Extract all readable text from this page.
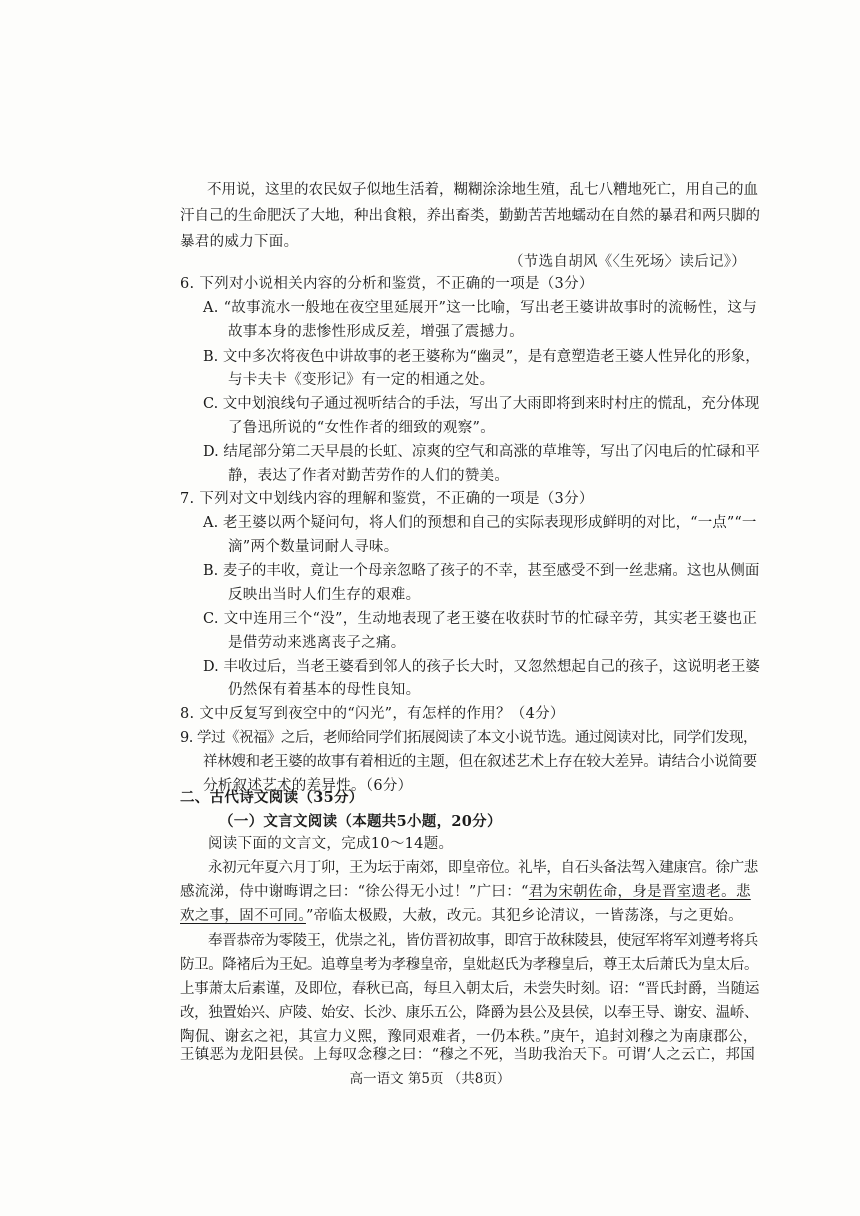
不用说，这里的农民奴子似地生活着，糊糊涂涂地生殖，乱七八糟地死亡，用自己的血
汗自己的生命肥沃了大地，种出食粮，养出畜类，勤勤苦苦地蠕动在自然的暴君和两只脚的
暴君的威力下面。
（节选自胡风《〈生死场〉读后记》）
6. 下列对小说相关内容的分析和鉴赏，不正确的一项是（3分）
A. “故事流水一般地在夜空里延展开”这一比喻，写出老王婆讲故事时的流畅性，这与
故事本身的悲惨性形成反差，增强了震撼力。
B. 文中多次将夜色中讲故事的老王婆称为“幽灵”，是有意塑造老王婆人性异化的形象，
与卡夫卡《变形记》有一定的相通之处。
C. 文中划浪线句子通过视听结合的手法，写出了大雨即将到来时村庄的慌乱，充分体现
了鲁迅所说的“女性作者的细致的观察”。
D. 结尾部分第二天早晨的长虹、凉爽的空气和高涨的草堆等，写出了闪电后的忙碌和平
静，表达了作者对勤苦劳作的人们的赞美。
7. 下列对文中划线内容的理解和鉴赏，不正确的一项是（3分）
A. 老王婆以两个疑问句，将人们的预想和自己的实际表现形成鲜明的对比，“一点”“一
滴”两个数量词耐人寻味。
B. 麦子的丰收，竟让一个母亲忽略了孩子的不幸，甚至感受不到一丝悲痛。这也从侧面
反映出当时人们生存的艰难。
C. 文中连用三个“没”，生动地表现了老王婆在收获时节的忙碌辛劳，其实老王婆也正
是借劳动来逃离丧子之痛。
D. 丰收过后，当老王婆看到邻人的孩子长大时，又忽然想起自己的孩子，这说明老王婆
仍然保有着基本的母性良知。
8. 文中反复写到夜空中的“闪光”，有怎样的作用？（4分）
9. 学过《祝福》之后，老师给同学们拓展阅读了本文小说节选。通过阅读对比，同学们发现，
祥林嫂和老王婆的故事有着相近的主题，但在叙述艺术上存在较大差异。请结合小说简要
分析叙述艺术的差异性。（6分）
二、古代诗文阅读（35分）
（一）文言文阅读（本题共5小题，20分）
阅读下面的文言文，完成10～14题。
永初元年夏六月丁卯，王为坛于南郊，即皇帝位。礼毕，自石头备法驾入建康宫。徐广悲
感流涕，侍中谢晦谓之曰：“徐公得无小过！”广曰：“君为宋朝佐命，身是晋室遗老。悲
欢之事，固不可同。”帝临太极殿，大赦，改元。其犯乡论清议，一皆荡涤，与之更始。
奉晋恭帝为零陵王，优崇之礼，皆仿晋初故事，即宫于故秣陵县，使冠军将军刘遵考将兵
防卫。降褚后为王妃。追尊皇考为孝穆皇帝，皇妣赵氏为孝穆皇后，尊王太后萧氏为皇太后。
上事萧太后素谨，及即位，春秋已高，每旦入朝太后，未尝失时刻。诏：“晋氏封爵，当随运
改，独置始兴、庐陵、始安、长沙、康乐五公，降爵为县公及县侯，以奉王导、谢安、温峤、
陶侃、谢玄之祀，其宣力义熙，豫同艰难者，一仍本秩。”庚午，追封刘穆之为南康郡公，
王镇恶为龙阳县侯。上每叹念穆之曰：“穆之不死，当助我治天下。可谓‘人之云亡，邦国
高一语文 第5页 （共8页）
